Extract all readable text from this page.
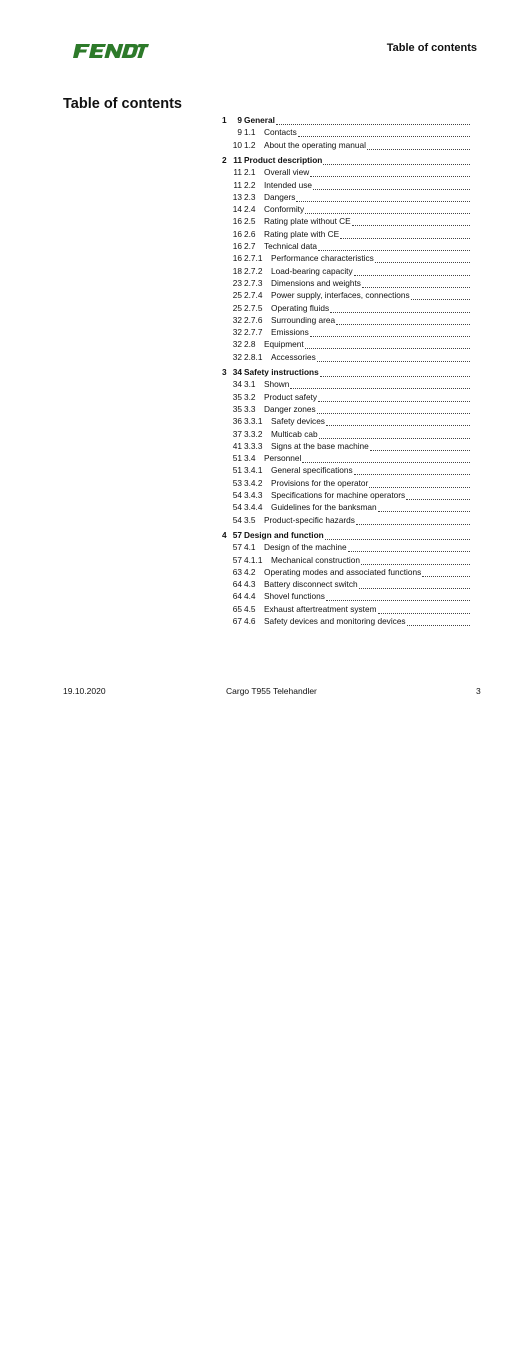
Table of contents
Table of contents
1 General
9
1.1 Contacts
9
1.2 About the operating manual
10
2 Product description
11
2.1 Overall view
11
2.2 Intended use
11
2.3 Dangers
13
2.4 Conformity
14
2.5 Rating plate without CE
16
2.6 Rating plate with CE
16
2.7 Technical data
16
2.7.1 Performance characteristics
16
2.7.2 Load-bearing capacity
18
2.7.3 Dimensions and weights
23
2.7.4 Power supply, interfaces, connections
25
2.7.5 Operating fluids
25
2.7.6 Surrounding area
32
2.7.7 Emissions
32
2.8 Equipment
32
2.8.1 Accessories
32
3 Safety instructions
34
3.1 Shown
34
3.2 Product safety
35
3.3 Danger zones
35
3.3.1 Safety devices
36
3.3.2 Multicab cab
37
3.3.3 Signs at the base machine
41
3.4 Personnel
51
3.4.1 General specifications
51
3.4.2 Provisions for the operator
53
3.4.3 Specifications for machine operators
54
3.4.4 Guidelines for the banksman
54
3.5 Product-specific hazards
54
4 Design and function
57
4.1 Design of the machine
57
4.1.1 Mechanical construction
57
4.2 Operating modes and associated functions
63
4.3 Battery disconnect switch
64
4.4 Shovel functions
64
4.5 Exhaust aftertreatment system
65
4.6 Safety devices and monitoring devices
67
19.10.2020	Cargo T955 Telehandler	3
